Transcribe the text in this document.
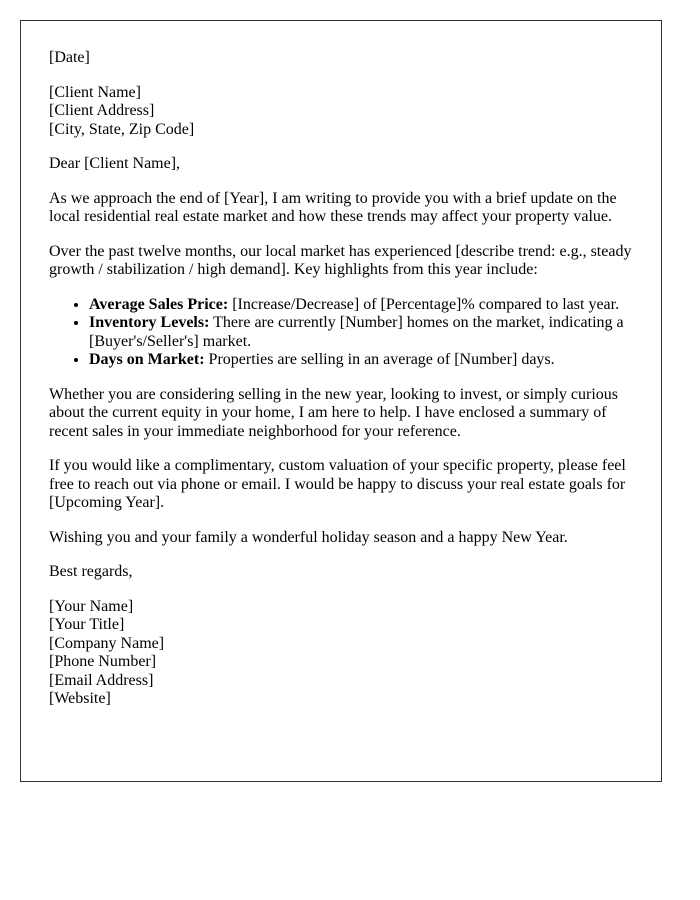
[Date]

[Client Name]
[Client Address]
[City, State, Zip Code]

Dear [Client Name],

As we approach the end of [Year], I am writing to provide you with a brief update on the local residential real estate market and how these trends may affect your property value.

Over the past twelve months, our local market has experienced [describe trend: e.g., steady growth / stabilization / high demand]. Key highlights from this year include:

• Average Sales Price: [Increase/Decrease] of [Percentage]% compared to last year.
• Inventory Levels: There are currently [Number] homes on the market, indicating a [Buyer's/Seller's] market.
• Days on Market: Properties are selling in an average of [Number] days.

Whether you are considering selling in the new year, looking to invest, or simply curious about the current equity in your home, I am here to help. I have enclosed a summary of recent sales in your immediate neighborhood for your reference.

If you would like a complimentary, custom valuation of your specific property, please feel free to reach out via phone or email. I would be happy to discuss your real estate goals for [Upcoming Year].

Wishing you and your family a wonderful holiday season and a happy New Year.

Best regards,

[Your Name]
[Your Title]
[Company Name]
[Phone Number]
[Email Address]
[Website]
